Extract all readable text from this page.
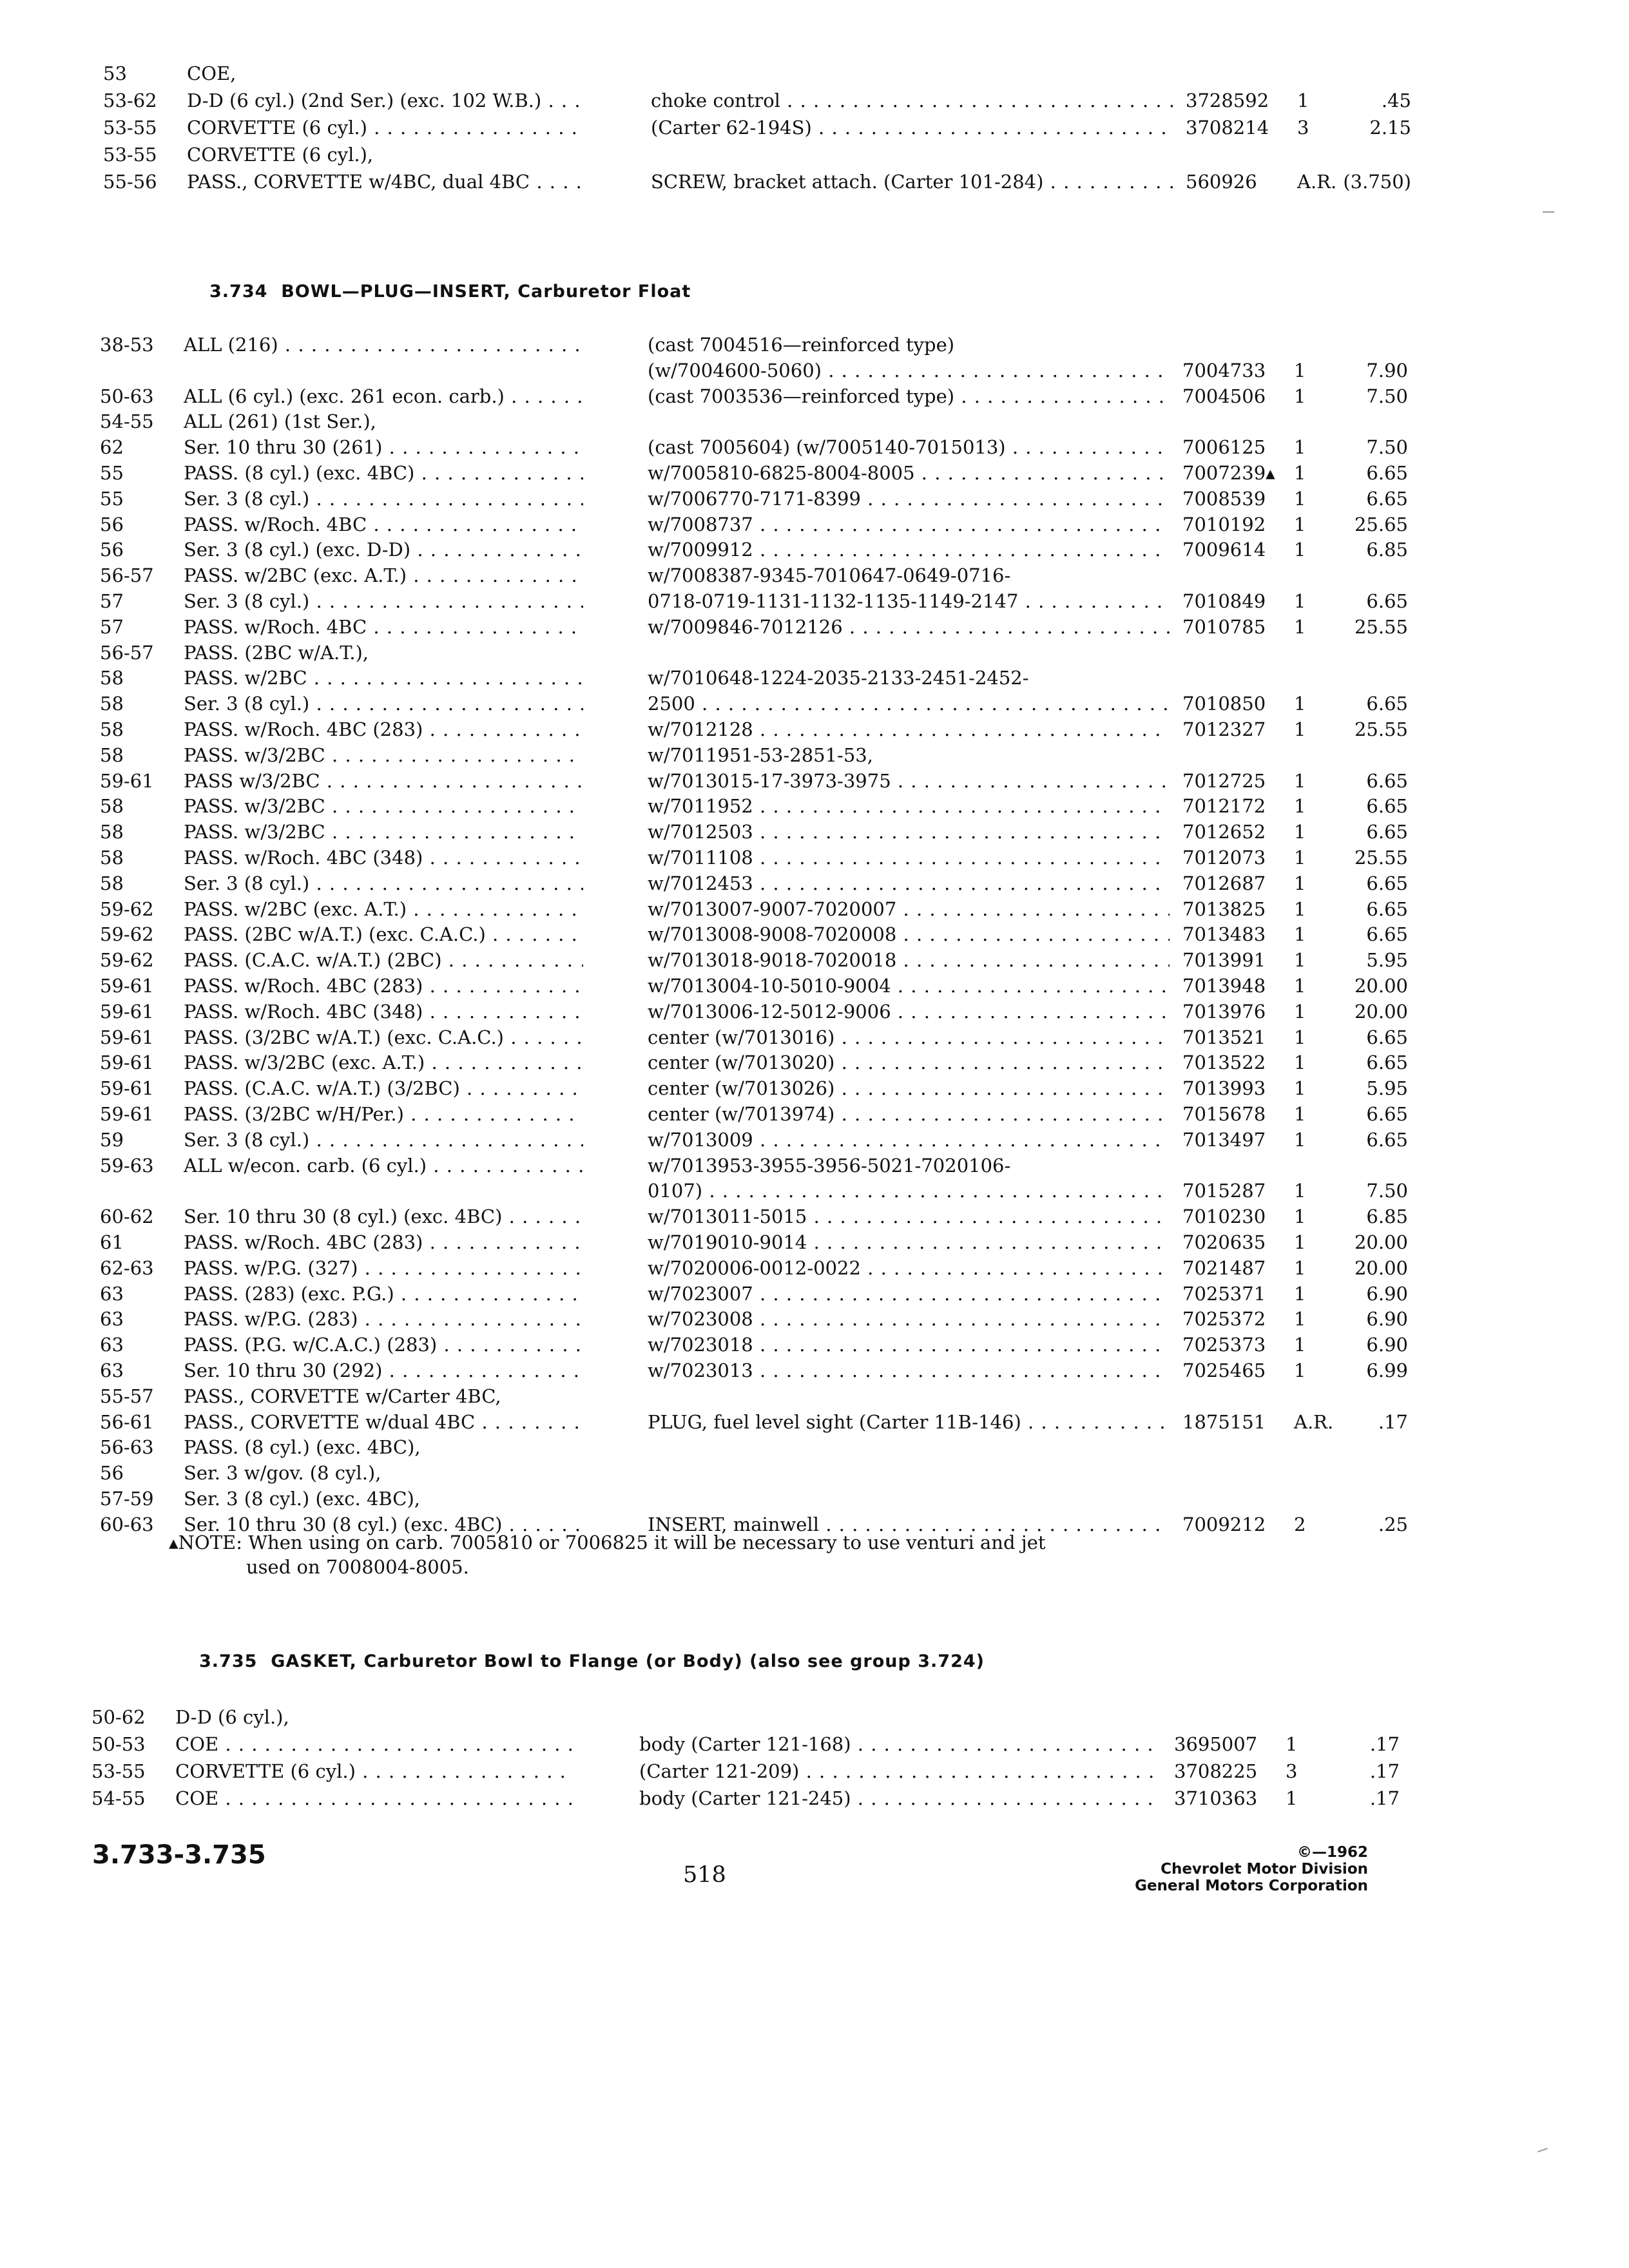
53	COE,
53-62 D-D (6 cyl.) (2nd Ser.) (exc. 102 W.B.) . . .	choke control . . .	3728592 1	.45
53-55 CORVETTE (6 cyl.) . . .	(Carter 62-194S) . . .	3708214 3	2.15
53-55 CORVETTE (6 cyl.),
55-56 PASS., CORVETTE w/4BC, dual 4BC . . .	SCREW, bracket attach. (Carter 101-284) . . .	560926 A.R. (3.750)
3.734 BOWL—PLUG—INSERT, Carburetor Float
38-53 ALL (216) . . .	(cast 7004516—reinforced type)
(w/7004600-5060) . . .	7004733 1	7.90
50-63 ALL (6 cyl.) (exc. 261 econ. carb.) . . .	(cast 7003536—reinforced type) . . .	7004506 1	7.50
54-55 ALL (261) (1st Ser.),
62	Ser. 10 thru 30 (261) . . .	(cast 7005604) (w/7005140-7015013) . . .	7006125 1	7.50
55	PASS. (8 cyl.) (exc. 4BC) . . .	w/7005810-6825-8004-8005 . . .	7007239▴ 1	6.65
55	Ser. 3 (8 cyl.) . . .	w/7006770-7171-8399 . . .	7008539 1	6.65
56	PASS. w/Roch. 4BC . . .	w/7008737 . . .	7010192 1	25.65
56	Ser. 3 (8 cyl.) (exc. D-D) . . .	w/7009912 . . .	7009614 1	6.85
56-57 PASS. w/2BC (exc. A.T.) . . .	w/7008387-9345-7010647-0649-0716-
57	Ser. 3 (8 cyl.) . . .	0718-0719-1131-1132-1135-1149-2147 . . .	7010849 1	6.65
57	PASS. w/Roch. 4BC . . .	w/7009846-7012126 . . .	7010785 1	25.55
56-57 PASS. (2BC w/A.T.),
58	PASS. w/2BC . . .	w/7010648-1224-2035-2133-2451-2452-
58	Ser. 3 (8 cyl.) . . .	2500 . . .	7010850 1	6.65
58	PASS. w/Roch. 4BC (283) . . .	w/7012128 . . .	7012327 1	25.55
58	PASS. w/3/2BC . . .	w/7011951-53-2851-53,
59-61 PASS w/3/2BC . . .	w/7013015-17-3973-3975 . . .	7012725 1	6.65
58	PASS. w/3/2BC . . .	w/7011952 . . .	7012172 1	6.65
58	PASS. w/3/2BC . . .	w/7012503 . . .	7012652 1	6.65
58	PASS. w/Roch. 4BC (348) . . .	w/7011108 . . .	7012073 1	25.55
58	Ser. 3 (8 cyl.) . . .	w/7012453 . . .	7012687 1	6.65
59-62 PASS. w/2BC (exc. A.T.) . . .	w/7013007-9007-7020007 . . .	7013825 1	6.65
59-62 PASS. (2BC w/A.T.) (exc. C.A.C.) . . .	w/7013008-9008-7020008 . . .	7013483 1	6.65
59-62 PASS. (C.A.C. w/A.T.) (2BC) . . .	w/7013018-9018-7020018 . . .	7013991 1	5.95
59-61 PASS. w/Roch. 4BC (283) . . .	w/7013004-10-5010-9004 . . .	7013948 1	20.00
59-61 PASS. w/Roch. 4BC (348) . . .	w/7013006-12-5012-9006 . . .	7013976 1	20.00
59-61 PASS. (3/2BC w/A.T.) (exc. C.A.C.) . . .	center (w/7013016) . . .	7013521 1	6.65
59-61 PASS. w/3/2BC (exc. A.T.) . . .	center (w/7013020) . . .	7013522 1	6.65
59-61 PASS. (C.A.C. w/A.T.) (3/2BC) . . .	center (w/7013026) . . .	7013993 1	5.95
59-61 PASS. (3/2BC w/H/Per.) . . .	center (w/7013974) . . .	7015678 1	6.65
59	Ser. 3 (8 cyl.) . . .	w/7013009 . . .	7013497 1	6.65
59-63 ALL w/econ. carb. (6 cyl.) . . .	w/7013953-3955-3956-5021-7020106-
0107) . . .	7015287 1	7.50
60-62 Ser. 10 thru 30 (8 cyl.) (exc. 4BC) . . .	w/7013011-5015 . . .	7010230 1	6.85
61	PASS. w/Roch. 4BC (283) . . .	w/7019010-9014 . . .	7020635 1	20.00
62-63 PASS. w/P.G. (327) . . .	w/7020006-0012-0022 . . .	7021487 1	20.00
63	PASS. (283) (exc. P.G.) . . .	w/7023007 . . .	7025371 1	6.90
63	PASS. w/P.G. (283) . . .	w/7023008 . . .	7025372 1	6.90
63	PASS. (P.G. w/C.A.C.) (283) . . .	w/7023018 . . .	7025373 1	6.90
63	Ser. 10 thru 30 (292) . . .	w/7023013 . . .	7025465 1	6.99
55-57 PASS., CORVETTE w/Carter 4BC,
56-61 PASS., CORVETTE w/dual 4BC . . .	PLUG, fuel level sight (Carter 11B-146) . . .	1875151 A.R.	.17
56-63 PASS. (8 cyl.) (exc. 4BC),
56	Ser. 3 w/gov. (8 cyl.),
57-59 Ser. 3 (8 cyl.) (exc. 4BC),
60-63 Ser. 10 thru 30 (8 cyl.) (exc. 4BC) . . .	INSERT, mainwell . . .	7009212 2	.25
▴NOTE: When using on carb. 7005810 or 7006825 it will be necessary to use venturi and jet
used on 7008004-8005.
3.735 GASKET, Carburetor Bowl to Flange (or Body) (also see group 3.724)
50-62 D-D (6 cyl.),
50-53 COE . . .	body (Carter 121-168) . . .	3695007 1	.17
53-55 CORVETTE (6 cyl.) . . .	(Carter 121-209) . . .	3708225 3	.17
54-55 COE . . .	body (Carter 121-245) . . .	3710363 1	.17
3.733-3.735
518
©—1962
Chevrolet Motor Division
General Motors Corporation
